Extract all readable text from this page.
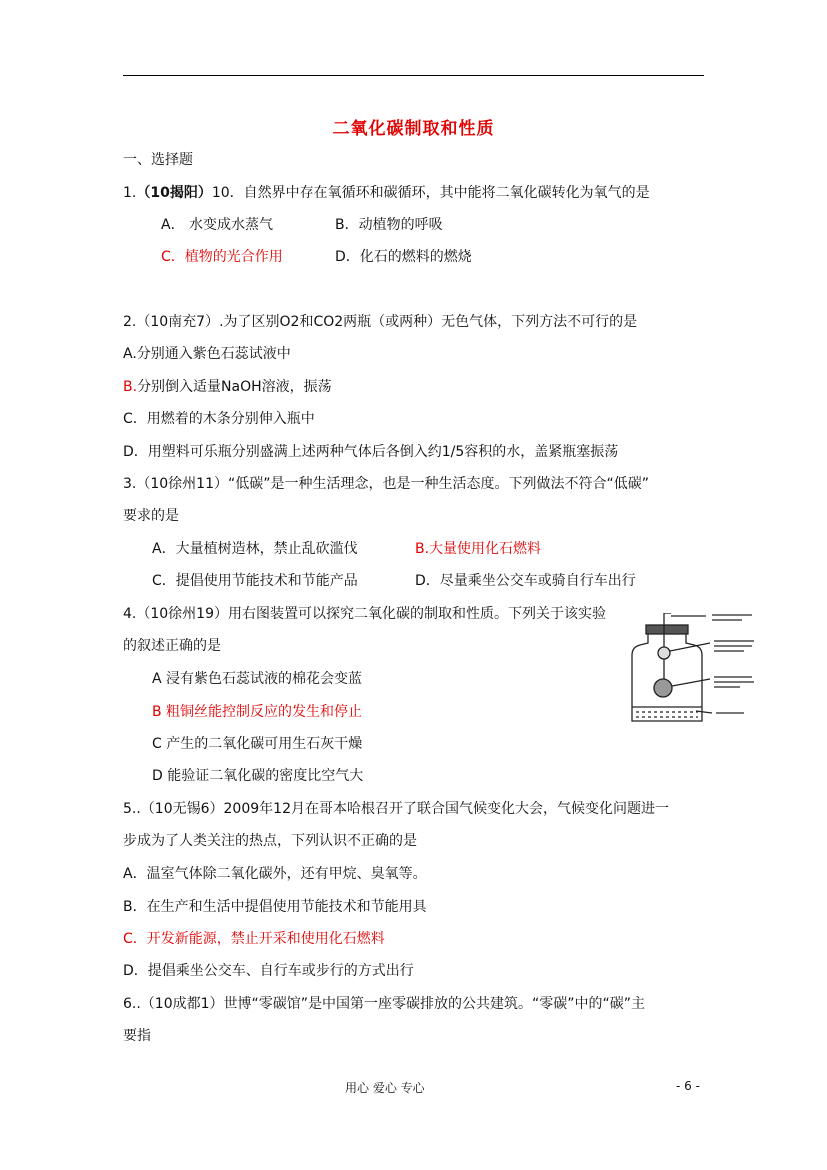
二氧化碳制取和性质
一、选择题
1.（10揭阳）10．自然界中存在氧循环和碳循环，其中能将二氧化碳转化为氧气的是
A． 水变成水蒸气	B．动植物的呼吸
C．植物的光合作用	D．化石的燃料的燃烧
2.（10南充7）.为了区别O2和CO2两瓶（或两种）无色气体，下列方法不可行的是
A.分别通入紫色石蕊试液中
B.分别倒入适量NaOH溶液，振荡
C．用燃着的木条分别伸入瓶中
D．用塑料可乐瓶分别盛满上述两种气体后各倒入约1/5容积的水，盖紧瓶塞振荡
3.（10徐州11）“低碳”是一种生活理念，也是一种生活态度。下列做法不符合“低碳”
要求的是
A．大量植树造林，禁止乱砍滥伐	B.大量使用化石燃料
C．提倡使用节能技术和节能产品	D．尽量乘坐公交车或骑自行车出行
4.（10徐州19）用右图装置可以探究二氧化碳的制取和性质。下列关于该实验
的叙述正确的是
A 浸有紫色石蕊试液的棉花会变蓝
B 粗铜丝能控制反应的发生和停止
C 产生的二氧化碳可用生石灰干燥
D 能验证二氧化碳的密度比空气大
5..（10无锡6）2009年12月在哥本哈根召开了联合国气候变化大会，气候变化问题进一
步成为了人类关注的热点，下列认识不正确的是
A．温室气体除二氧化碳外，还有甲烷、臭氧等。
B．在生产和生活中提倡使用节能技术和节能用具
C．开发新能源，禁止开采和使用化石燃料
D．提倡乘坐公交车、自行车或步行的方式出行
6..（10成都1）世博“零碳馆”是中国第一座零碳排放的公共建筑。“零碳”中的“碳”主
要指
用心 爱心 专心	- 6 -
